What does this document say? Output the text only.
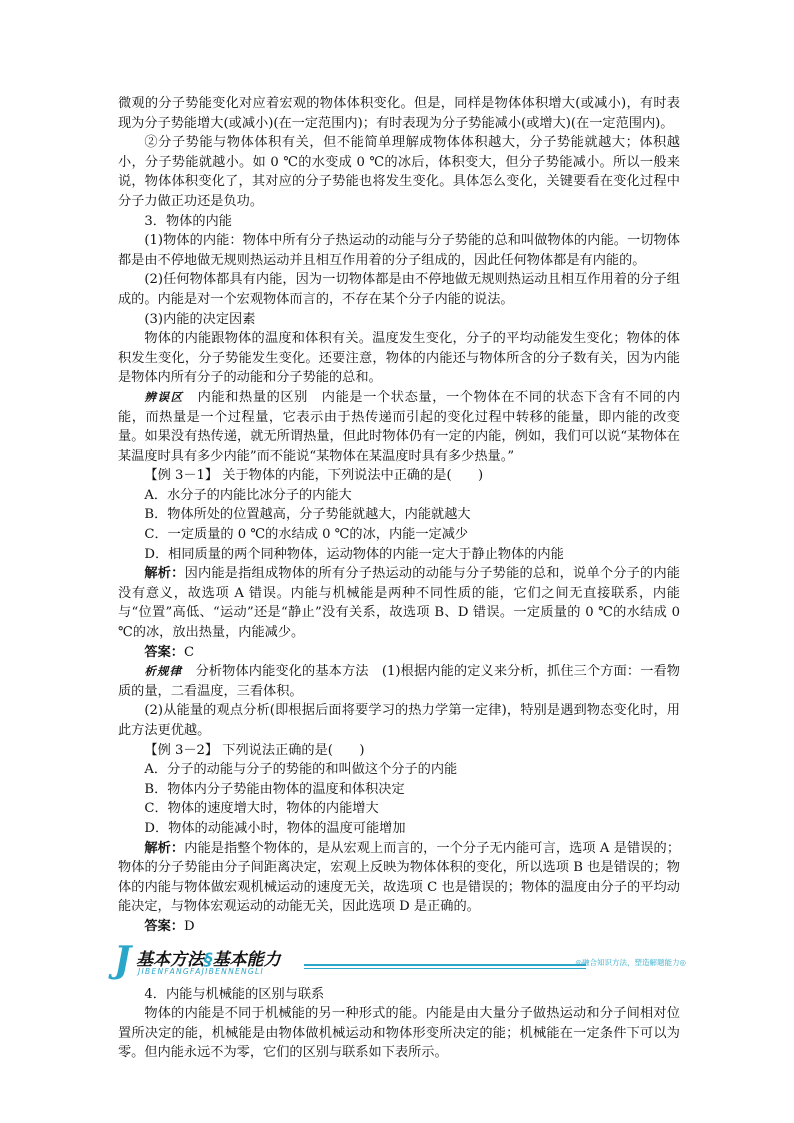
微观的分子势能变化对应着宏观的物体体积变化。但是，同样是物体体积增大(或减小)，有时表现为分子势能增大(或减小)(在一定范围内)；有时表现为分子势能减小(或增大)(在一定范围内)。

②分子势能与物体体积有关，但不能简单理解成物体体积越大，分子势能就越大；体积越小，分子势能就越小。如 0 ℃的水变成 0 ℃的冰后，体积变大，但分子势能减小。所以一般来说，物体体积变化了，其对应的分子势能也将发生变化。具体怎么变化，关键要看在变化过程中分子力做正功还是负功。

3．物体的内能

(1)物体的内能：物体中所有分子热运动的动能与分子势能的总和叫做物体的内能。一切物体都是由不停地做无规则热运动并且相互作用着的分子组成的，因此任何物体都是有内能的。

(2)任何物体都具有内能，因为一切物体都是由不停地做无规则热运动且相互作用着的分子组成的。内能是对一个宏观物体而言的，不存在某个分子内能的说法。

(3)内能的决定因素

物体的内能跟物体的温度和体积有关。温度发生变化，分子的平均动能发生变化；物体的体积发生变化，分子势能发生变化。还要注意，物体的内能还与物体所含的分子数有关，因为内能是物体内所有分子的动能和分子势能的总和。

辨误区　 内能和热量的区别　内能是一个状态量，一个物体在不同的状态下含有不同的内能，而热量是一个过程量，它表示由于热传递而引起的变化过程中转移的能量，即内能的改变量。如果没有热传递，就无所谓热量，但此时物体仍有一定的内能，例如，我们可以说“某物体在某温度时具有多少内能”而不能说“某物体在某温度时具有多少热量。”

【例 3－1】 关于物体的内能，下列说法中正确的是(　　)

A．水分子的内能比冰分子的内能大

B．物体所处的位置越高，分子势能就越大，内能就越大

C．一定质量的 0 ℃的水结成 0 ℃的冰，内能一定减少

D．相同质量的两个同种物体，运动物体的内能一定大于静止物体的内能

解析：因内能是指组成物体的所有分子热运动的动能与分子势能的总和，说单个分子的内能没有意义，故选项 A 错误。内能与机械能是两种不同性质的能，它们之间无直接联系，内能与“位置”高低、“运动”还是“静止”没有关系，故选项 B、D 错误。一定质量的 0 ℃的水结成 0 ℃的冰，放出热量，内能减少。

答案：C

析规律　 分析物体内能变化的基本方法　(1)根据内能的定义来分析，抓住三个方面：一看物质的量，二看温度，三看体积。

(2)从能量的观点分析(即根据后面将要学习的热力学第一定律)，特别是遇到物态变化时，用此方法更优越。

【例 3－2】 下列说法正确的是(　　)

A．分子的动能与分子的势能的和叫做这个分子的内能

B．物体内分子势能由物体的温度和体积决定

C．物体的速度增大时，物体的内能增大

D．物体的动能减小时，物体的温度可能增加

解析：内能是指整个物体的，是从宏观上而言的，一个分子无内能可言，选项 A 是错误的；物体的分子势能由分子间距离决定，宏观上反映为物体体积的变化，所以选项 B 也是错误的；物体的内能与物体做宏观机械运动的速度无关，故选项 C 也是错误的；物体的温度由分子的平均动能决定，与物体宏观运动的动能无关，因此选项 D 是正确的。

答案：D

J 基本方法§基本能力
JIBENFANGFAJIBENNENGLI
◎融合知识方法，塑造解题能力◎

4．内能与机械能的区别与联系

物体的内能是不同于机械能的另一种形式的能。内能是由大量分子做热运动和分子间相对位置所决定的能，机械能是由物体做机械运动和物体形变所决定的能；机械能在一定条件下可以为零。但内能永远不为零，它们的区别与联系如下表所示。
